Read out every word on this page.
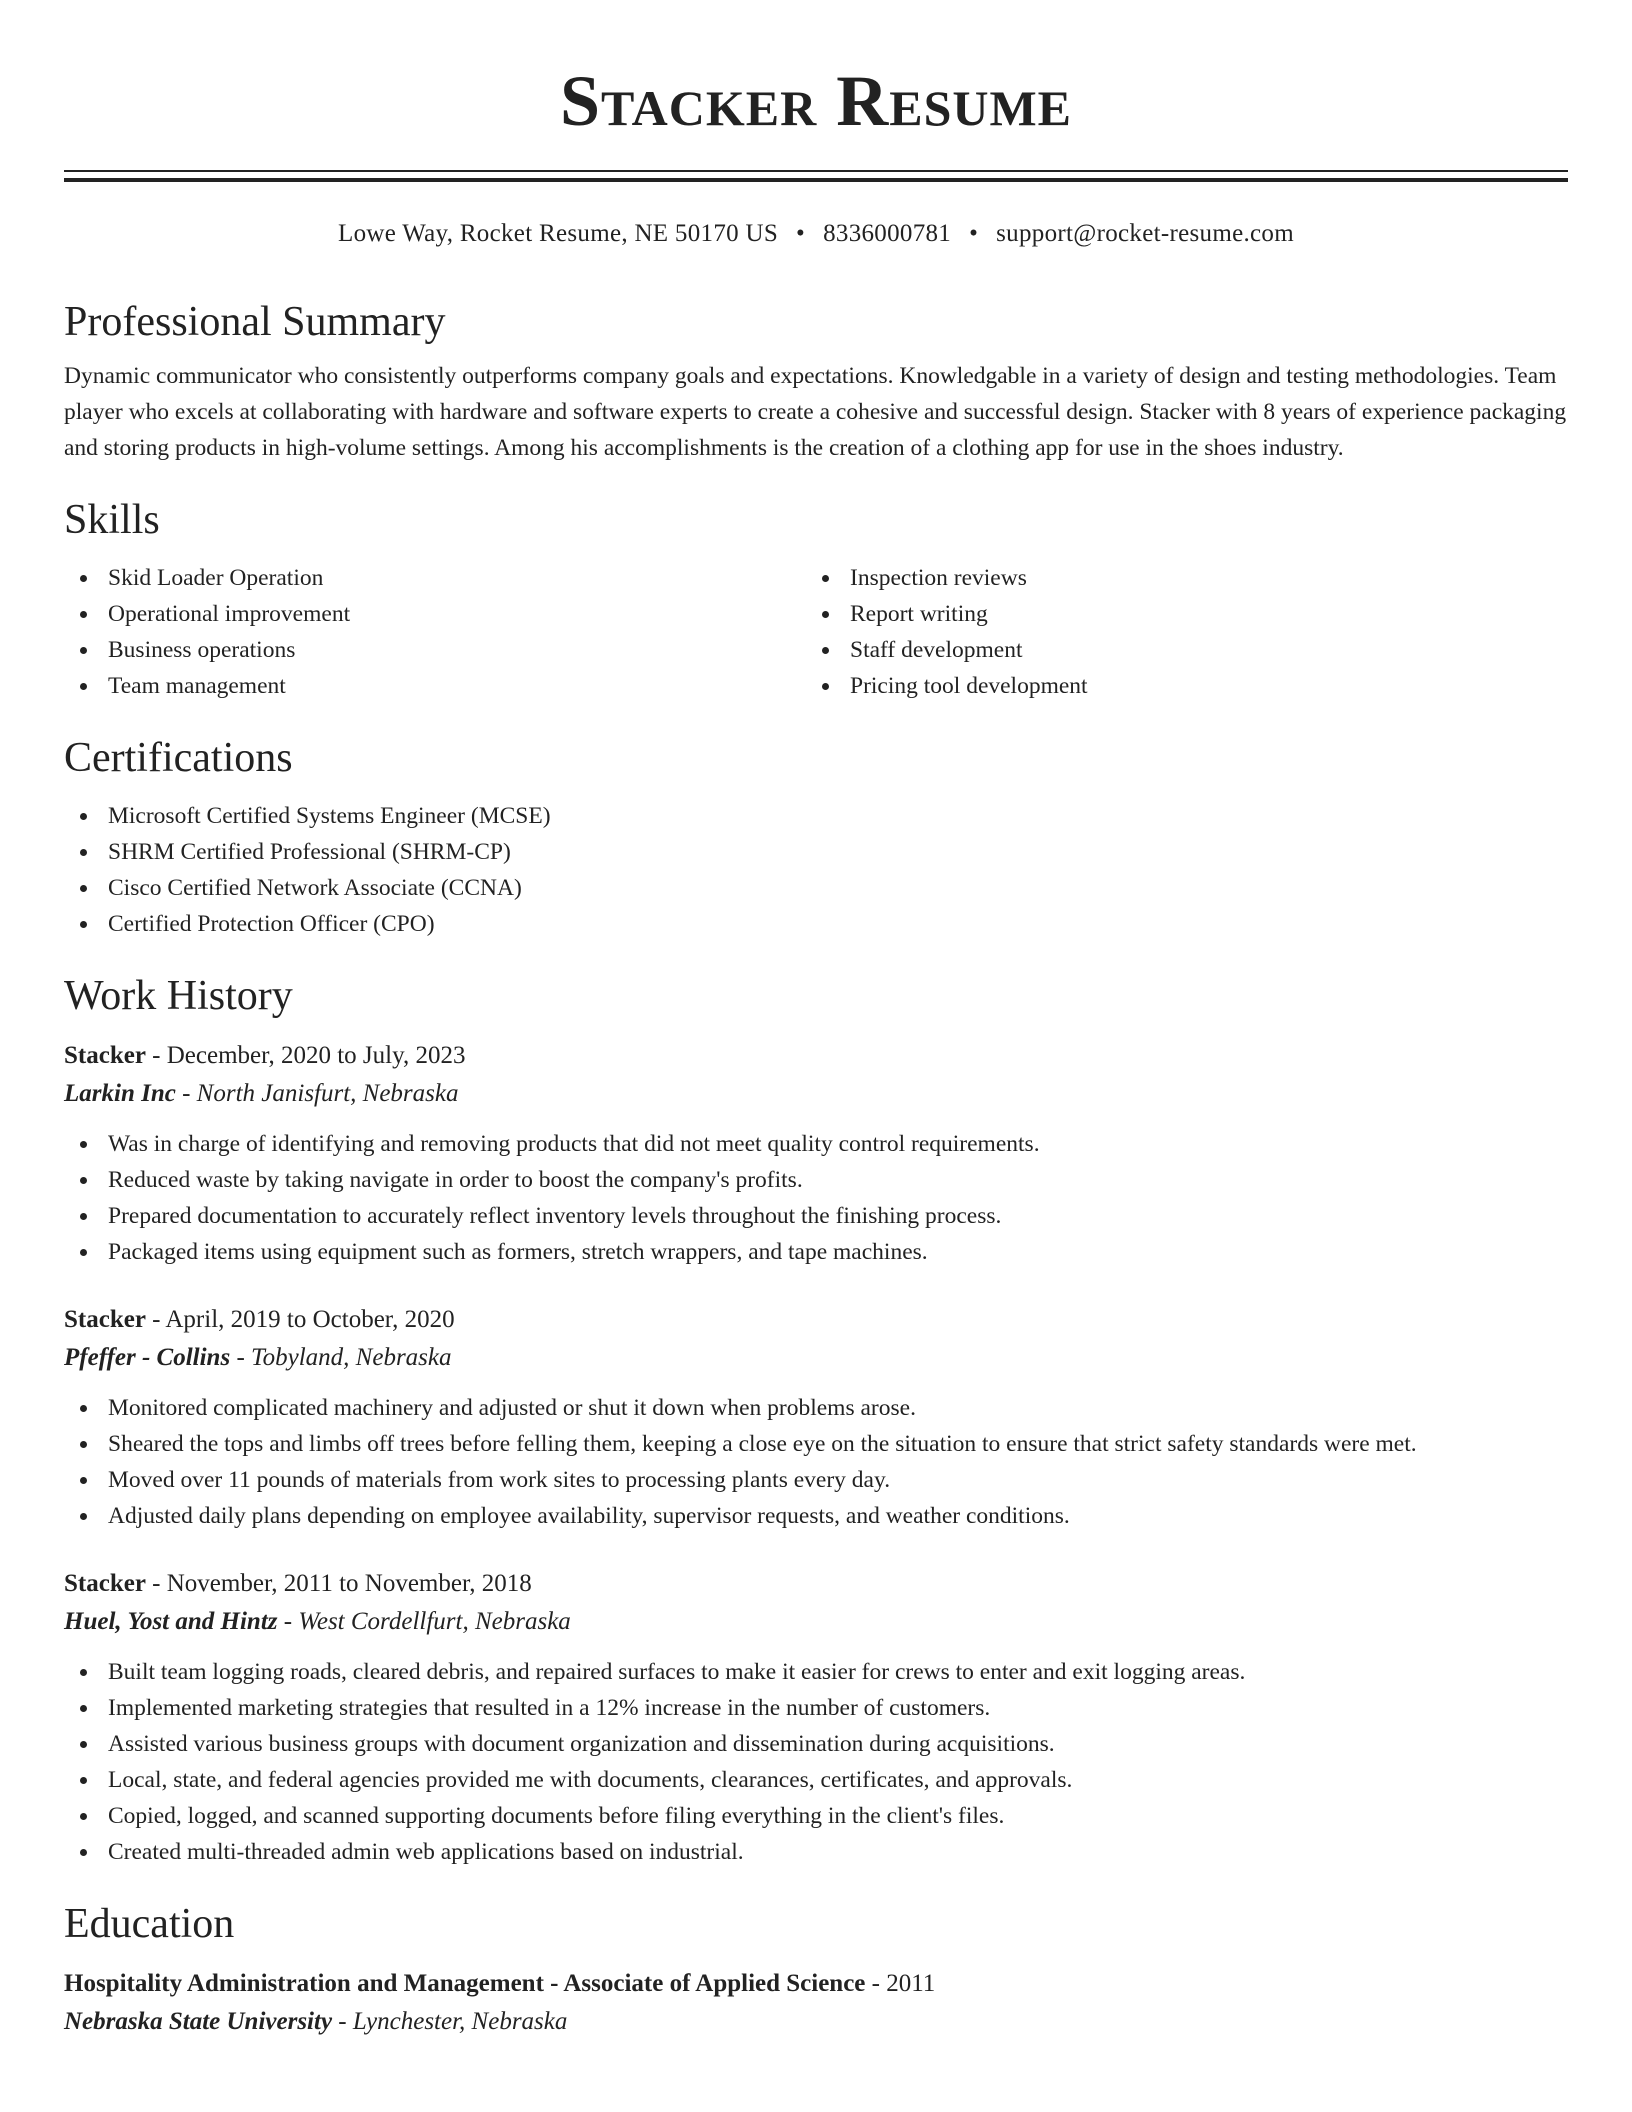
Stacker Resume
Lowe Way, Rocket Resume, NE 50170 US • 8336000781 • support@rocket-resume.com
Professional Summary
Dynamic communicator who consistently outperforms company goals and expectations. Knowledgable in a variety of design and testing methodologies. Team player who excels at collaborating with hardware and software experts to create a cohesive and successful design. Stacker with 8 years of experience packaging and storing products in high-volume settings. Among his accomplishments is the creation of a clothing app for use in the shoes industry.
Skills
Skid Loader Operation
Operational improvement
Business operations
Team management
Inspection reviews
Report writing
Staff development
Pricing tool development
Certifications
Microsoft Certified Systems Engineer (MCSE)
SHRM Certified Professional (SHRM-CP)
Cisco Certified Network Associate (CCNA)
Certified Protection Officer (CPO)
Work History
Stacker - December, 2020 to July, 2023
Larkin Inc - North Janisfurt, Nebraska
Was in charge of identifying and removing products that did not meet quality control requirements.
Reduced waste by taking navigate in order to boost the company's profits.
Prepared documentation to accurately reflect inventory levels throughout the finishing process.
Packaged items using equipment such as formers, stretch wrappers, and tape machines.
Stacker - April, 2019 to October, 2020
Pfeffer - Collins - Tobyland, Nebraska
Monitored complicated machinery and adjusted or shut it down when problems arose.
Sheared the tops and limbs off trees before felling them, keeping a close eye on the situation to ensure that strict safety standards were met.
Moved over 11 pounds of materials from work sites to processing plants every day.
Adjusted daily plans depending on employee availability, supervisor requests, and weather conditions.
Stacker - November, 2011 to November, 2018
Huel, Yost and Hintz - West Cordellfurt, Nebraska
Built team logging roads, cleared debris, and repaired surfaces to make it easier for crews to enter and exit logging areas.
Implemented marketing strategies that resulted in a 12% increase in the number of customers.
Assisted various business groups with document organization and dissemination during acquisitions.
Local, state, and federal agencies provided me with documents, clearances, certificates, and approvals.
Copied, logged, and scanned supporting documents before filing everything in the client's files.
Created multi-threaded admin web applications based on industrial.
Education
Hospitality Administration and Management - Associate of Applied Science - 2011
Nebraska State University - Lynchester, Nebraska
